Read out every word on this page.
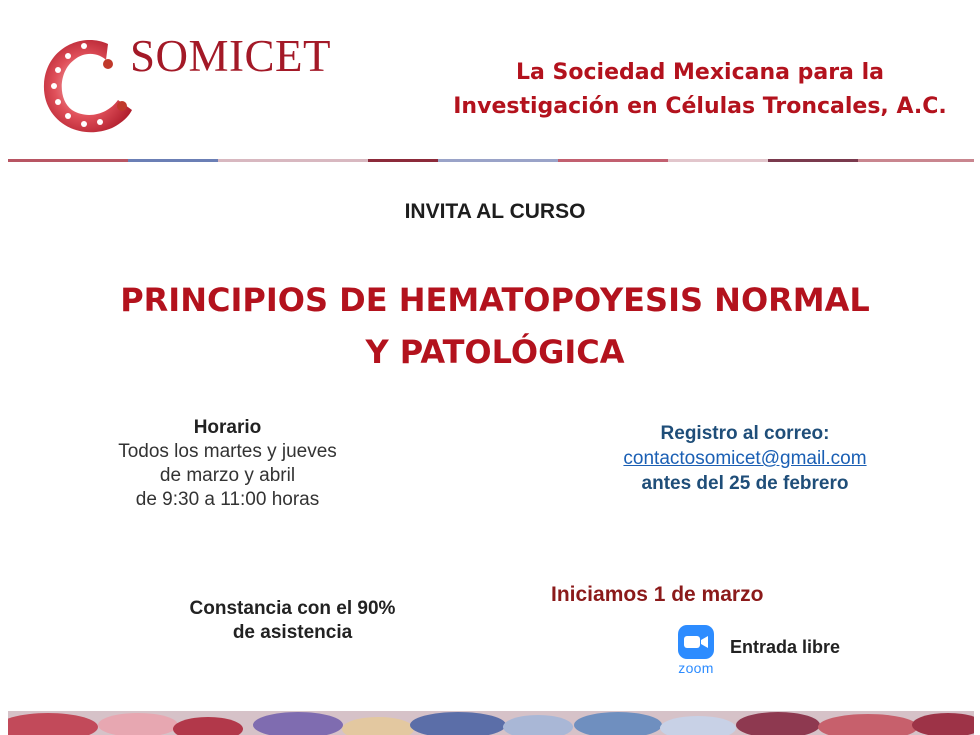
SOMICET	La Sociedad Mexicana para la
Investigación en Células Troncales, A.C.
INVITA AL CURSO
PRINCIPIOS DE HEMATOPOYESIS NORMAL
Y PATOLÓGICA
Horario
Todos los martes y jueves
de marzo y abril
de 9:30 a 11:00 horas
Registro al correo:
contactosomicet@gmail.com
antes del 25 de febrero
Constancia con el 90%
de asistencia
Iniciamos 1 de marzo
zoom
Entrada libre
